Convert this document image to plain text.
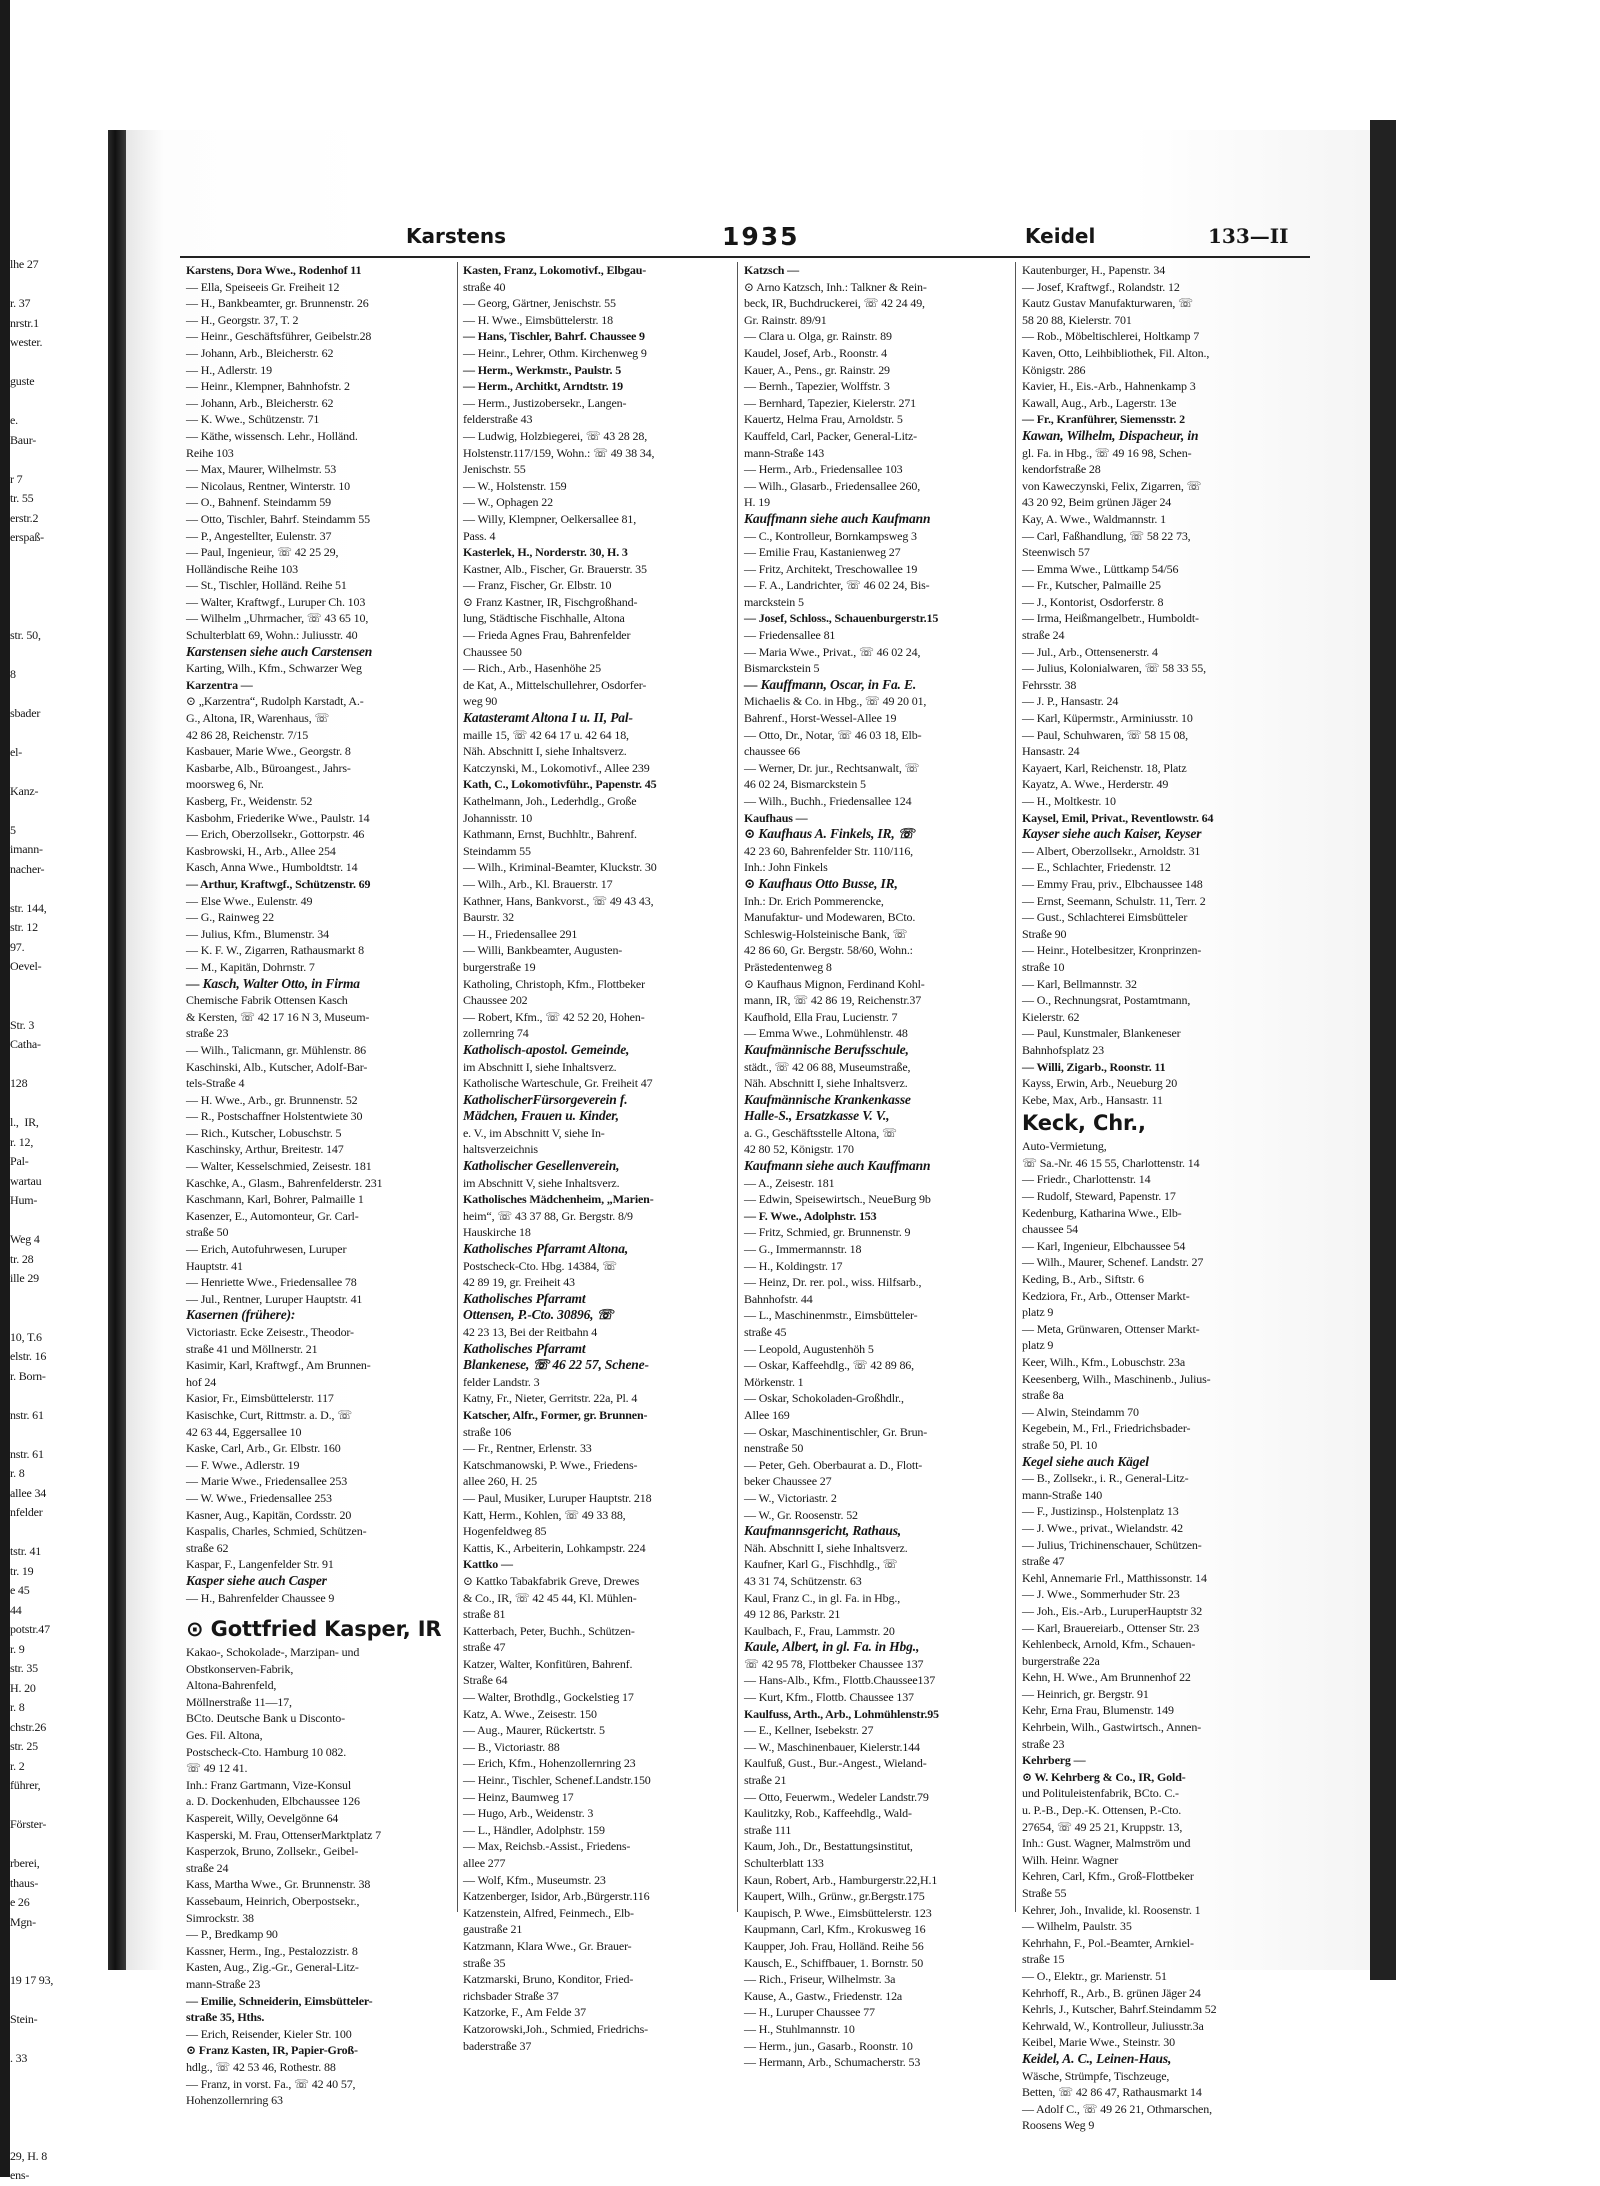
lhe 27
r. 37
nrstr.1
wester.
guste
e.
Baur-
r 7
tr. 55
erstr.2
erspaß-
str. 50,
8
sbader
el-
Kanz-
5
imann-
nacher-
str. 144,
str. 12
97.
Oevel-
Str. 3
Catha-
128
l.,  IR,
r. 12,
Pal-
wartau
Hum-
Weg 4
tr. 28
ille 29
10, T.6
elstr. 16
r. Born-
nstr. 61
nstr. 61
r. 8
allee 34
nfelder
tstr. 41
tr. 19
e 45
44
potstr.47
r. 9
str. 35
H. 20
r. 8
chstr.26
str. 25
r. 2
führer,
Förster-
rberei,
thaus-
e 26
Mgn-
19 17 93,
Stein-
. 33
29, H. 8
ens-
Karstens	1935	Keidel	133—II
Karstens, Dora Wwe., Rodenhof 11
— Ella, Speiseeis Gr. Freiheit 12
— H., Bankbeamter, gr. Brunnenstr. 26
— H., Georgstr. 37, T. 2
— Heinr., Geschäftsführer, Geibelstr.28
— Johann, Arb., Bleicherstr. 62
— H., Adlerstr. 19
— Heinr., Klempner, Bahnhofstr. 2
— Johann, Arb., Bleicherstr. 62
— K. Wwe., Schützenstr. 71
— Käthe, wissensch. Lehr., Holländ.
Reihe 103
— Max, Maurer, Wilhelmstr. 53
— Nicolaus, Rentner, Winterstr. 10
— O., Bahnenf. Steindamm 59
— Otto, Tischler, Bahrf. Steindamm 55
— P., Angestellter, Eulenstr. 37
— Paul, Ingenieur, ☏ 42 25 29,
Holländische Reihe 103
— St., Tischler, Holländ. Reihe 51
— Walter, Kraftwgf., Luruper Ch. 103
— Wilhelm „Uhrmacher, ☏ 43 65 10,
Schulterblatt 69, Wohn.: Juliusstr. 40
Karstensen siehe auch Carstensen
Karting, Wilh., Kfm., Schwarzer Weg
Karzentra —
⊙ „Karzentra“, Rudolph Karstadt, A.-
G., Altona, IR, Warenhaus, ☏
42 86 28, Reichenstr. 7/15
Kasbauer, Marie Wwe., Georgstr. 8
Kasbarbe, Alb., Büroangest., Jahrs-
moorsweg 6, Nr.
Kasberg, Fr., Weidenstr. 52
Kasbohm, Friederike Wwe., Paulstr. 14
— Erich, Oberzollsekr., Gottorpstr. 46
Kasbrowski, H., Arb., Allee 254
Kasch, Anna Wwe., Humboldtstr. 14
— Arthur, Kraftwgf., Schützenstr. 69
— Else Wwe., Eulenstr. 49
— G., Rainweg 22
— Julius, Kfm., Blumenstr. 34
— K. F. W., Zigarren, Rathausmarkt 8
— M., Kapitän, Dohrnstr. 7
— Kasch, Walter Otto, in Firma
Chemische Fabrik Ottensen Kasch
& Kersten, ☏ 42 17 16 N 3, Museum-
straße 23
— Wilh., Talicmann, gr. Mühlenstr. 86
Kaschinski, Alb., Kutscher, Adolf-Bar-
tels-Straße 4
— H. Wwe., Arb., gr. Brunnenstr. 52
— R., Postschaffner Holstentwiete 30
— Rich., Kutscher, Lobuschstr. 5
Kaschinsky, Arthur, Breitestr. 147
— Walter, Kesselschmied, Zeisestr. 181
Kaschke, A., Glasm., Bahrenfelderstr. 231
Kaschmann, Karl, Bohrer, Palmaille 1
Kasenzer, E., Automonteur, Gr. Carl-
straße 50
— Erich, Autofuhrwesen, Luruper
Hauptstr. 41
— Henriette Wwe., Friedensallee 78
— Jul., Rentner, Luruper Hauptstr. 41
Kasernen (frühere):
Victoriastr. Ecke Zeisestr., Theodor-
straße 41 und Möllnerstr. 21
Kasimir, Karl, Kraftwgf., Am Brunnen-
hof 24
Kasior, Fr., Eimsbüttelerstr. 117
Kasischke, Curt, Rittmstr. a. D., ☏
42 63 44, Eggersallee 10
Kaske, Carl, Arb., Gr. Elbstr. 160
— F. Wwe., Adlerstr. 19
— Marie Wwe., Friedensallee 253
— W. Wwe., Friedensallee 253
Kasner, Aug., Kapitän, Cordsstr. 20
Kaspalis, Charles, Schmied, Schützen-
straße 62
Kaspar, F., Langenfelder Str. 91
Kasper siehe auch Casper
— H., Bahrenfelder Chaussee 9
⊙ Gottfried Kasper, IR
Kakao-, Schokolade-, Marzipan- und
Obstkonserven-Fabrik,
Altona-Bahrenfeld,
Möllnerstraße 11—17,
BCto. Deutsche Bank u Disconto-
Ges. Fil. Altona,
Postscheck-Cto. Hamburg 10 082.
☏ 49 12 41.
Inh.: Franz Gartmann, Vize-Konsul
a. D. Dockenhuden, Elbchaussee 126
Kaspereit, Willy, Oevelgönne 64
Kasperski, M. Frau, OttenserMarktplatz 7
Kasperzok, Bruno, Zollsekr., Geibel-
straße 24
Kass, Martha Wwe., Gr. Brunnenstr. 38
Kassebaum, Heinrich, Oberpostsekr.,
Simrockstr. 38
— P., Bredkamp 90
Kassner, Herm., Ing., Pestalozzistr. 8
Kasten, Aug., Zig.-Gr., General-Litz-
mann-Straße 23
— Emilie, Schneiderin, Eimsbütteler-
straße 35, Hths.
— Erich, Reisender, Kieler Str. 100
⊙ Franz Kasten, IR, Papier-Groß-
hdlg., ☏ 42 53 46, Rothestr. 88
— Franz, in vorst. Fa., ☏ 42 40 57,
Hohenzollernring 63
Kasten, Franz, Lokomotivf., Elbgau-
straße 40
— Georg, Gärtner, Jenischstr. 55
— H. Wwe., Eimsbüttelerstr. 18
— Hans, Tischler, Bahrf. Chaussee 9
— Heinr., Lehrer, Othm. Kirchenweg 9
— Herm., Werkmstr., Paulstr. 5
— Herm., Architkt, Arndtstr. 19
— Herm., Justizobersekr., Langen-
felderstraße 43
— Ludwig, Holzbiegerei, ☏ 43 28 28,
Holstenstr.117/159, Wohn.: ☏ 49 38 34,
Jenischstr. 55
— W., Holstenstr. 159
— W., Ophagen 22
— Willy, Klempner, Oelkersallee 81,
Pass. 4
Kasterlek, H., Norderstr. 30, H. 3
Kastner, Alb., Fischer, Gr. Brauerstr. 35
— Franz, Fischer, Gr. Elbstr. 10
⊙ Franz Kastner, IR, Fischgroßhand-
lung, Städtische Fischhalle, Altona
— Frieda Agnes Frau, Bahrenfelder
Chaussee 50
— Rich., Arb., Hasenhöhe 25
de Kat, A., Mittelschullehrer, Osdorfer-
weg 90
Katasteramt Altona I u. II, Pal-
maille 15, ☏ 42 64 17 u. 42 64 18,
Näh. Abschnitt I, siehe Inhaltsverz.
Katczynski, M., Lokomotivf., Allee 239
Kath, C., Lokomotivführ., Papenstr. 45
Kathelmann, Joh., Lederhdlg., Große
Johannisstr. 10
Kathmann, Ernst, Buchhltr., Bahrenf.
Steindamm 55
— Wilh., Kriminal-Beamter, Kluckstr. 30
— Wilh., Arb., Kl. Brauerstr. 17
Kathner, Hans, Bankvorst., ☏ 49 43 43,
Baurstr. 32
— H., Friedensallee 291
— Willi, Bankbeamter, Augusten-
burgerstraße 19
Katholing, Christoph, Kfm., Flottbeker
Chaussee 202
— Robert, Kfm., ☏ 42 52 20, Hohen-
zollernring 74
Katholisch-apostol. Gemeinde,
im Abschnitt I, siehe Inhaltsverz.
Katholische Warteschule, Gr. Freiheit 47
KatholischerFürsorgeverein f.
Mädchen, Frauen u. Kinder,
e. V., im Abschnitt V, siehe In-
haltsverzeichnis
Katholischer Gesellenverein,
im Abschnitt V, siehe Inhaltsverz.
Katholisches Mädchenheim, „Marien-
heim“, ☏ 43 37 88, Gr. Bergstr. 8/9
Hauskirche 18
Katholisches Pfarramt Altona,
Postscheck-Cto. Hbg. 14384, ☏
42 89 19, gr. Freiheit 43
Katholisches Pfarramt
Ottensen, P.-Cto. 30896, ☏
42 23 13, Bei der Reitbahn 4
Katholisches Pfarramt
Blankenese, ☏ 46 22 57, Schene-
felder Landstr. 3
Katny, Fr., Nieter, Gerritstr. 22a, Pl. 4
Katscher, Alfr., Former, gr. Brunnen-
straße 106
— Fr., Rentner, Erlenstr. 33
Katschmanowski, P. Wwe., Friedens-
allee 260, H. 25
— Paul, Musiker, Luruper Hauptstr. 218
Katt, Herm., Kohlen, ☏ 49 33 88,
Hogenfeldweg 85
Kattis, K., Arbeiterin, Lohkampstr. 224
Kattko —
⊙ Kattko Tabakfabrik Greve, Drewes
& Co., IR, ☏ 42 45 44, Kl. Mühlen-
straße 81
Katterbach, Peter, Buchh., Schützen-
straße 47
Katzer, Walter, Konfitüren, Bahrenf.
Straße 64
— Walter, Brothdlg., Gockelstieg 17
Katz, A. Wwe., Zeisestr. 150
— Aug., Maurer, Rückertstr. 5
— B., Victoriastr. 88
— Erich, Kfm., Hohenzollernring 23
— Heinr., Tischler, Schenef.Landstr.150
— Heinz, Baumweg 17
— Hugo, Arb., Weidenstr. 3
— L., Händler, Adolphstr. 159
— Max, Reichsb.-Assist., Friedens-
allee 277
— Wolf, Kfm., Museumstr. 23
Katzenberger, Isidor, Arb.,Bürgerstr.116
Katzenstein, Alfred, Feinmech., Elb-
gaustraße 21
Katzmann, Klara Wwe., Gr. Brauer-
straße 35
Katzmarski, Bruno, Konditor, Fried-
richsbader Straße 37
Katzorke, F., Am Felde 37
Katzorowski,Joh., Schmied, Friedrichs-
baderstraße 37
Katzsch —
⊙ Arno Katzsch, Inh.: Talkner & Rein-
beck, IR, Buchdruckerei, ☏ 42 24 49,
Gr. Rainstr. 89/91
— Clara u. Olga, gr. Rainstr. 89
Kaudel, Josef, Arb., Roonstr. 4
Kauer, A., Pens., gr. Rainstr. 29
— Bernh., Tapezier, Wolffstr. 3
— Bernhard, Tapezier, Kielerstr. 271
Kauertz, Helma Frau, Arnoldstr. 5
Kauffeld, Carl, Packer, General-Litz-
mann-Straße 143
— Herm., Arb., Friedensallee 103
— Wilh., Glasarb., Friedensallee 260,
H. 19
Kauffmann siehe auch Kaufmann
— C., Kontrolleur, Bornkampsweg 3
— Emilie Frau, Kastanienweg 27
— Fritz, Architekt, Treschowallee 19
— F. A., Landrichter, ☏ 46 02 24, Bis-
marckstein 5
— Josef, Schloss., Schauenburgerstr.15
— Friedensallee 81
— Maria Wwe., Privat., ☏ 46 02 24,
Bismarckstein 5
— Kauffmann, Oscar, in Fa. E.
Michaelis & Co. in Hbg., ☏ 49 20 01,
Bahrenf., Horst-Wessel-Allee 19
— Otto, Dr., Notar, ☏ 46 03 18, Elb-
chaussee 66
— Werner, Dr. jur., Rechtsanwalt, ☏
46 02 24, Bismarckstein 5
— Wilh., Buchh., Friedensallee 124
Kaufhaus —
⊙ Kaufhaus A. Finkels, IR, ☏
42 23 60, Bahrenfelder Str. 110/116,
Inh.: John Finkels
⊙ Kaufhaus Otto Busse, IR,
Inh.: Dr. Erich Pommerencke,
Manufaktur- und Modewaren, BCto.
Schleswig-Holsteinische Bank, ☏
42 86 60, Gr. Bergstr. 58/60, Wohn.:
Prästedentenweg 8
⊙ Kaufhaus Mignon, Ferdinand Kohl-
mann, IR, ☏ 42 86 19, Reichenstr.37
Kaufhold, Ella Frau, Lucienstr. 7
— Emma Wwe., Lohmühlenstr. 48
Kaufmännische Berufsschule,
städt., ☏ 42 06 88, Museumstraße,
Näh. Abschnitt I, siehe Inhaltsverz.
Kaufmännische Krankenkasse
Halle-S., Ersatzkasse V. V.,
a. G., Geschäftsstelle Altona, ☏
42 80 52, Königstr. 170
Kaufmann siehe auch Kauffmann
— A., Zeisestr. 181
— Edwin, Speisewirtsch., NeueBurg 9b
— F. Wwe., Adolphstr. 153
— Fritz, Schmied, gr. Brunnenstr. 9
— G., Immermannstr. 18
— H., Koldingstr. 17
— Heinz, Dr. rer. pol., wiss. Hilfsarb.,
Bahnhofstr. 44
— L., Maschinenmstr., Eimsbütteler-
straße 45
— Leopold, Augustenhöh 5
— Oskar, Kaffeehdlg., ☏ 42 89 86,
Mörkenstr. 1
— Oskar, Schokoladen-Großhdlr.,
Allee 169
— Oskar, Maschinentischler, Gr. Brun-
nenstraße 50
— Peter, Geh. Oberbaurat a. D., Flott-
beker Chaussee 27
— W., Victoriastr. 2
— W., Gr. Roosenstr. 52
Kaufmannsgericht, Rathaus,
Näh. Abschnitt I, siehe Inhaltsverz.
Kaufner, Karl G., Fischhdlg., ☏
43 31 74, Schützenstr. 63
Kaul, Franz C., in gl. Fa. in Hbg.,
49 12 86, Parkstr. 21
Kaulbach, F., Frau, Lammstr. 20
Kaule, Albert, in gl. Fa. in Hbg.,
☏ 42 95 78, Flottbeker Chaussee 137
— Hans-Alb., Kfm., Flottb.Chaussee137
— Kurt, Kfm., Flottb. Chaussee 137
Kaulfuss, Arth., Arb., Lohmühlenstr.95
— E., Kellner, Isebekstr. 27
— W., Maschinenbauer, Kielerstr.144
Kaulfuß, Gust., Bur.-Angest., Wieland-
straße 21
— Otto, Feuerwm., Wedeler Landstr.79
Kaulitzky, Rob., Kaffeehdlg., Wald-
straße 111
Kaum, Joh., Dr., Bestattungsinstitut,
Schulterblatt 133
Kaun, Robert, Arb., Hamburgerstr.22,H.1
Kaupert, Wilh., Grünw., gr.Bergstr.175
Kaupisch, P. Wwe., Eimsbüttelerstr. 123
Kaupmann, Carl, Kfm., Krokusweg 16
Kaupper, Joh. Frau, Holländ. Reihe 56
Kausch, E., Schiffbauer, 1. Bornstr. 50
— Rich., Friseur, Wilhelmstr. 3a
Kause, A., Gastw., Friedenstr. 12a
— H., Luruper Chaussee 77
— H., Stuhlmannstr. 10
— Herm., jun., Gasarb., Roonstr. 10
— Hermann, Arb., Schumacherstr. 53
Kautenburger, H., Papenstr. 34
— Josef, Kraftwgf., Rolandstr. 12
Kautz Gustav Manufakturwaren, ☏
58 20 88, Kielerstr. 701
— Rob., Möbeltischlerei, Holtkamp 7
Kaven, Otto, Leihbibliothek, Fil. Alton.,
Königstr. 286
Kavier, H., Eis.-Arb., Hahnenkamp 3
Kawall, Aug., Arb., Lagerstr. 13e
— Fr., Kranführer, Siemensstr. 2
Kawan, Wilhelm, Dispacheur, in
gl. Fa. in Hbg., ☏ 49 16 98, Schen-
kendorfstraße 28
von Kaweczynski, Felix, Zigarren, ☏
43 20 92, Beim grünen Jäger 24
Kay, A. Wwe., Waldmannstr. 1
— Carl, Faßhandlung, ☏ 58 22 73,
Steenwisch 57
— Emma Wwe., Lüttkamp 54/56
— Fr., Kutscher, Palmaille 25
— J., Kontorist, Osdorferstr. 8
— Irma, Heißmangelbetr., Humboldt-
straße 24
— Jul., Arb., Ottensenerstr. 4
— Julius, Kolonialwaren, ☏ 58 33 55,
Fehrsstr. 38
— J. P., Hansastr. 24
— Karl, Küpermstr., Arminiusstr. 10
— Paul, Schuhwaren, ☏ 58 15 08,
Hansastr. 24
Kayaert, Karl, Reichenstr. 18, Platz
Kayatz, A. Wwe., Herderstr. 49
— H., Moltkestr. 10
Kaysel, Emil, Privat., Reventlowstr. 64
Kayser siehe auch Kaiser, Keyser
— Albert, Oberzollsekr., Arnoldstr. 31
— E., Schlachter, Friedenstr. 12
— Emmy Frau, priv., Elbchaussee 148
— Ernst, Seemann, Schulstr. 11, Terr. 2
— Gust., Schlachterei Eimsbütteler
Straße 90
— Heinr., Hotelbesitzer, Kronprinzen-
straße 10
— Karl, Bellmannstr. 32
— O., Rechnungsrat, Postamtmann,
Kielerstr. 62
— Paul, Kunstmaler, Blankeneser
Bahnhofsplatz 23
— Willi, Zigarb., Roonstr. 11
Kayss, Erwin, Arb., Neueburg 20
Kebe, Max, Arb., Hansastr. 11
Keck, Chr.,
Auto-Vermietung,
☏ Sa.-Nr. 46 15 55, Charlottenstr. 14
— Friedr., Charlottenstr. 14
— Rudolf, Steward, Papenstr. 17
Kedenburg, Katharina Wwe., Elb-
chaussee 54
— Karl, Ingenieur, Elbchaussee 54
— Wilh., Maurer, Schenef. Landstr. 27
Keding, B., Arb., Siftstr. 6
Kedziora, Fr., Arb., Ottenser Markt-
platz 9
— Meta, Grünwaren, Ottenser Markt-
platz 9
Keer, Wilh., Kfm., Lobuschstr. 23a
Keesenberg, Wilh., Maschinenb., Julius-
straße 8a
— Alwin, Steindamm 70
Kegebein, M., Frl., Friedrichsbader-
straße 50, Pl. 10
Kegel siehe auch Kägel
— B., Zollsekr., i. R., General-Litz-
mann-Straße 140
— F., Justizinsp., Holstenplatz 13
— J. Wwe., privat., Wielandstr. 42
— Julius, Trichinenschauer, Schützen-
straße 47
Kehl, Annemarie Frl., Matthissonstr. 14
— J. Wwe., Sommerhuder Str. 23
— Joh., Eis.-Arb., LuruperHauptstr 32
— Karl, Brauereiarb., Ottenser Str. 23
Kehlenbeck, Arnold, Kfm., Schauen-
burgerstraße 22a
Kehn, H. Wwe., Am Brunnenhof 22
— Heinrich, gr. Bergstr. 91
Kehr, Erna Frau, Blumenstr. 149
Kehrbein, Wilh., Gastwirtsch., Annen-
straße 23
Kehrberg —
⊙ W. Kehrberg & Co., IR, Gold-
und Polituleistenfabrik, BCto. C.-
u. P.-B., Dep.-K. Ottensen, P.-Cto.
27654, ☏ 49 25 21, Kruppstr. 13,
Inh.: Gust. Wagner, Malmström und
Wilh. Heinr. Wagner
Kehren, Carl, Kfm., Groß-Flottbeker
Straße 55
Kehrer, Joh., Invalide, kl. Roosenstr. 1
— Wilhelm, Paulstr. 35
Kehrhahn, F., Pol.-Beamter, Arnkiel-
straße 15
— O., Elektr., gr. Marienstr. 51
Kehrhoff, R., Arb., B. grünen Jäger 24
Kehrls, J., Kutscher, Bahrf.Steindamm 52
Kehrwald, W., Kontrolleur, Juliusstr.3a
Keibel, Marie Wwe., Steinstr. 30
Keidel, A. C., Leinen-Haus,
Wäsche, Strümpfe, Tischzeuge,
Betten, ☏ 42 86 47, Rathausmarkt 14
— Adolf C., ☏ 49 26 21, Othmarschen,
Roosens Weg 9
